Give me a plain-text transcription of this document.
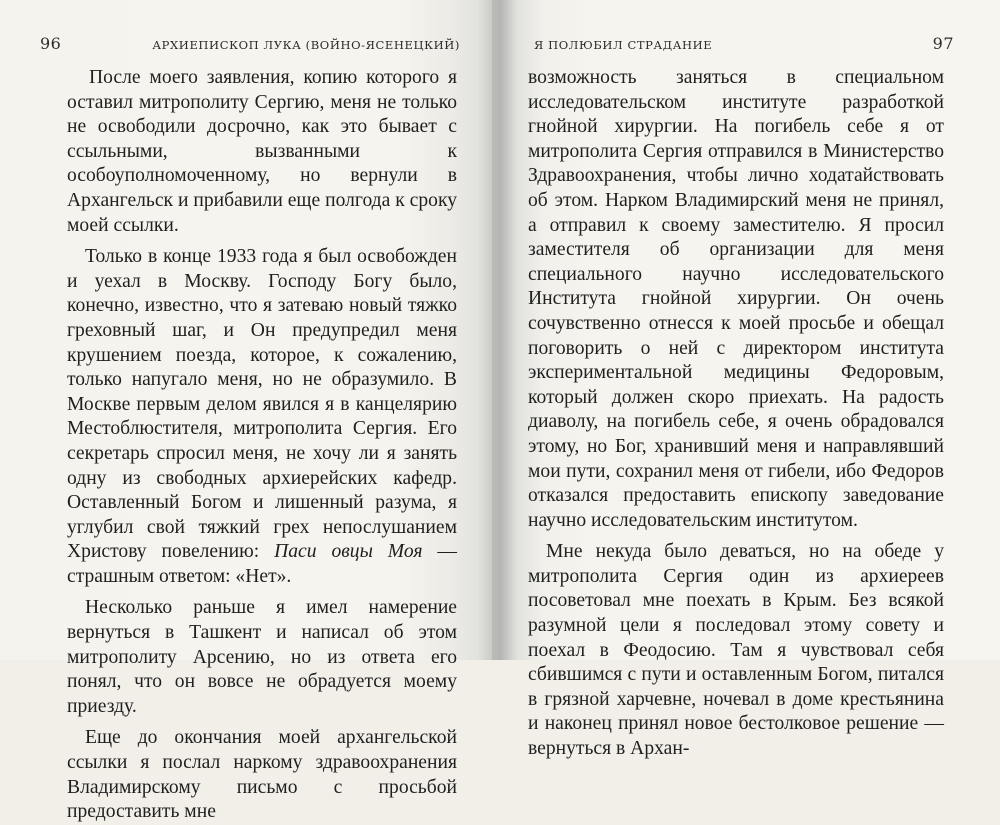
96	АРХИЕПИСКОП ЛУКА (ВОЙНО-ЯСЕНЕЦКИЙ)

После моего заявления, копию которого я оставил митрополиту Сергию, меня не только не освободили досрочно, как это бывает с ссыльными, вызванными к особоуполномоченному, но вернули в Архангельск и прибавили еще полгода к сроку моей ссылки.

Только в конце 1933 года я был освобожден и уехал в Москву. Господу Богу было, конечно, известно, что я затеваю новый тяжко греховный шаг, и Он предупредил меня крушением поезда, которое, к сожалению, только напугало меня, но не образумило. В Москве первым делом явился я в канцелярию Местоблюстителя, митрополита Сергия. Его секретарь спросил меня, не хочу ли я занять одну из свободных архиерейских кафедр. Оставленный Богом и лишенный разума, я углубил свой тяжкий грех непослушанием Христову повелению: Паси овцы Моя — страшным ответом: «Нет».

Несколько раньше я имел намерение вернуться в Ташкент и написал об этом митрополиту Арсению, но из ответа его понял, что он вовсе не обрадуется моему приезду.

Еще до окончания моей архангельской ссылки я послал наркому здравоохранения Владимирскому письмо с просьбой предоставить мне

Я ПОЛЮБИЛ СТРАДАНИЕ	97

возможность заняться в специальном исследовательском институте разработкой гнойной хирургии. На погибель себе я от митрополита Сергия отправился в Министерство Здравоохранения, чтобы лично ходатайствовать об этом. Нарком Владимирский меня не принял, а отправил к своему заместителю. Я просил заместителя об организации для меня специального научно исследовательского Института гнойной хирургии. Он очень сочувственно отнесся к моей просьбе и обещал поговорить о ней с директором института экспериментальной медицины Федоровым, который должен скоро приехать. На радость диаволу, на погибель себе, я очень обрадовался этому, но Бог, хранивший меня и направлявший мои пути, сохранил меня от гибели, ибо Федоров отказался предоставить епископу заведование научно исследовательским институтом.

Мне некуда было деваться, но на обеде у митрополита Сергия один из архиереев посоветовал мне поехать в Крым. Без всякой разумной цели я последовал этому совету и поехал в Феодосию. Там я чувствовал себя сбившимся с пути и оставленным Богом, питался в грязной харчевне, ночевал в доме крестьянина и наконец принял новое бестолковое решение — вернуться в Архан-
